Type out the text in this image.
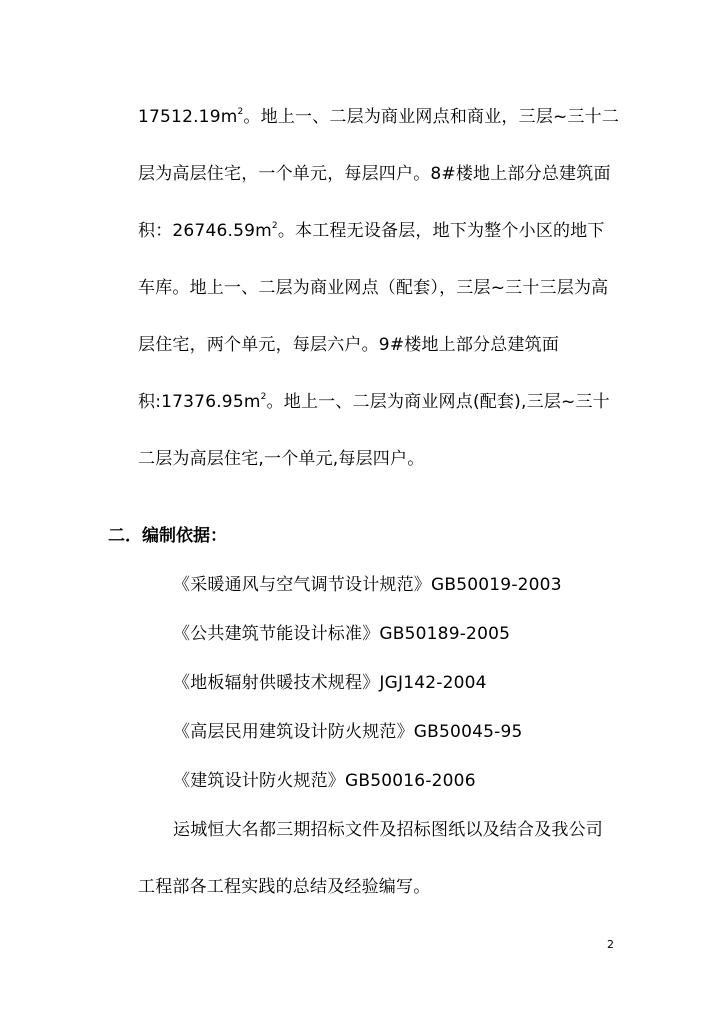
$17512.19m^2$。地上一、二层为商业网点和商业，三层~三十二
层为高层住宅，一个单元，每层四户。8#楼地上部分总建筑面
积：$26746.59m^2$。本工程无设备层，地下为整个小区的地下
车库。地上一、二层为商业网点（配套），三层~三十三层为高
层住宅，两个单元，每层六户。9#楼地上部分总建筑面
积$:17376.95m^2$。地上一、二层为商业网点(配套),三层~三十
二层为高层住宅,一个单元,每层四户。
二．编制依据：
《采暖通风与空气调节设计规范》GB50019-2003
《公共建筑节能设计标准》GB50189-2005
《地板辐射供暖技术规程》JGJ142-2004
《高层民用建筑设计防火规范》GB50045-95
《建筑设计防火规范》GB50016-2006
运城恒大名都三期招标文件及招标图纸以及结合及我公司
工程部各工程实践的总结及经验编写。
2
